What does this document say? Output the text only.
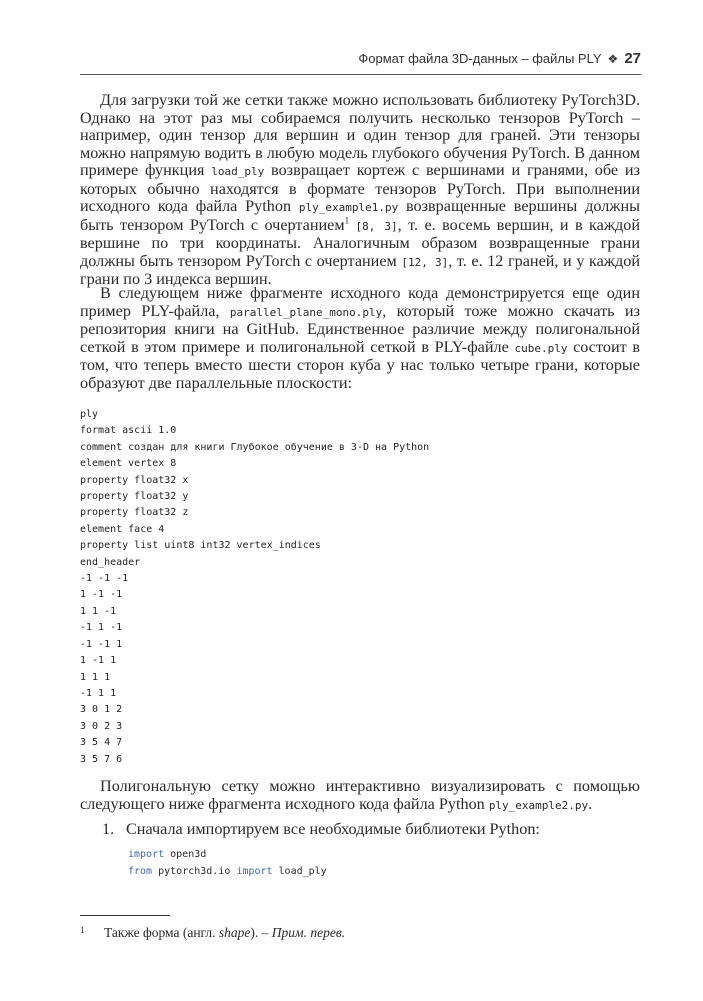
Формат файла 3D-данных – файлы PLY ❖ 27

Для загрузки той же сетки также можно использовать библиотеку PyTorch3D. Однако на этот раз мы собираемся получить несколько тензоров PyTorch – например, один тензор для вершин и один тензор для граней. Эти тензоры можно напрямую водить в любую модель глубокого обучения PyTorch. В данном примере функция load_ply возвращает кортеж с вершинами и гранями, обе из которых обычно находятся в формате тензоров PyTorch. При выполнении исходного кода файла Python ply_example1.py возвращенные вершины должны быть тензором PyTorch с очертанием$^1$ [8, 3], т. е. восемь вершин, и в каждой вершине по три координаты. Аналогичным образом возвращенные грани должны быть тензором PyTorch с очертанием [12, 3], т. е. 12 граней, и у каждой грани по 3 индекса вершин.

В следующем ниже фрагменте исходного кода демонстрируется еще один пример PLY-файла, parallel_plane_mono.ply, который тоже можно скачать из репозитория книги на GitHub. Единственное различие между полигональной сеткой в этом примере и полигональной сеткой в PLY-файле cube.ply состоит в том, что теперь вместо шести сторон куба у нас только четыре грани, которые образуют две параллельные плоскости:

ply
format ascii 1.0
comment создан для книги Глубокое обучение в 3-D на Python
element vertex 8
property float32 x
property float32 y
property float32 z
element face 4
property list uint8 int32 vertex_indices
end_header
-1 -1 -1
1 -1 -1
1 1 -1
-1 1 -1
-1 -1 1
1 -1 1
1 1 1
-1 1 1
3 0 1 2
3 0 2 3
3 5 4 7
3 5 7 6

Полигональную сетку можно интерактивно визуализировать с помощью следующего ниже фрагмента исходного кода файла Python ply_example2.py.

1. Сначала импортируем все необходимые библиотеки Python:
import open3d
from pytorch3d.io import load_ply
1 Также форма (англ. shape). – Прим. перев.
